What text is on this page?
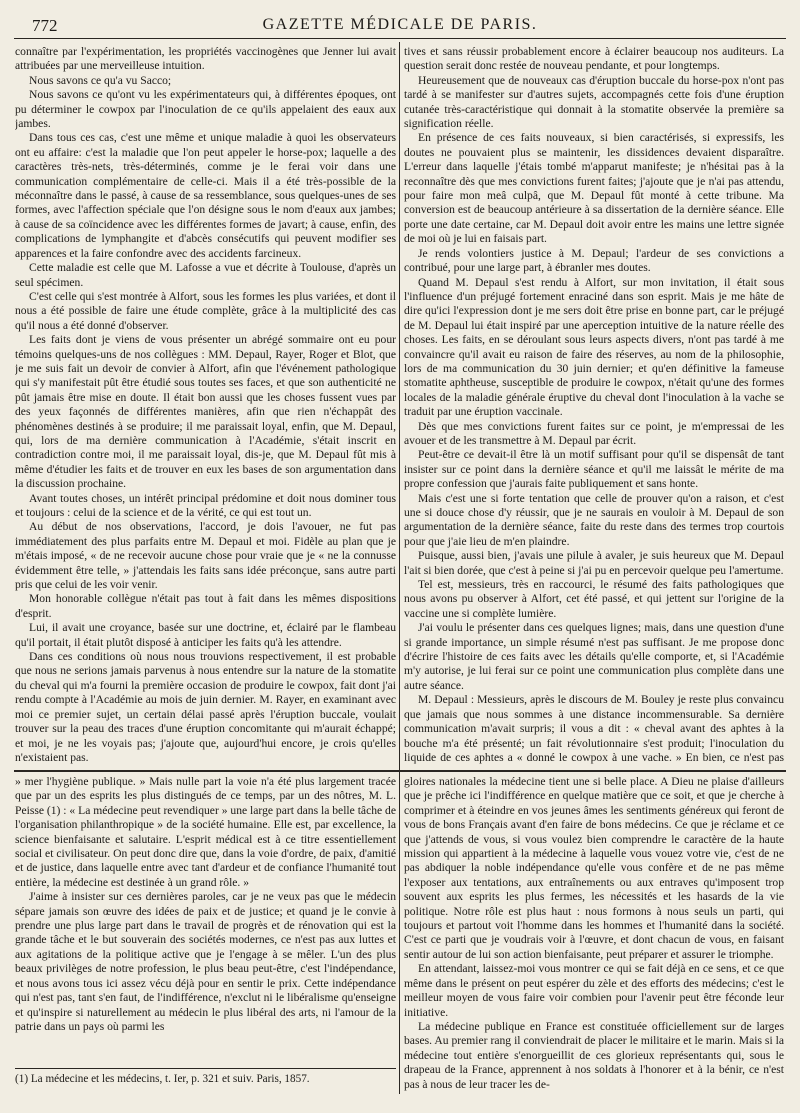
772	GAZETTE MÉDICALE DE PARIS.

connaître par l'expérimentation, les propriétés vaccinogènes que Jenner lui avait attribuées par une merveilleuse intuition.

Nous savons ce qu'a vu Sacco;

Nous savons ce qu'ont vu les expérimentateurs qui, à différentes époques, ont pu déterminer le cowpox par l'inoculation de ce qu'ils appelaient des eaux aux jambes.

Dans tous ces cas, c'est une même et unique maladie à quoi les observateurs ont eu affaire: c'est la maladie que l'on peut appeler le horse-pox; laquelle a des caractères très-nets, très-déterminés, comme je le ferai voir dans une communication complémentaire de celle-ci. Mais il a été très-possible de la méconnaître dans le passé, à cause de sa ressemblance, sous quelques-unes de ses formes, avec l'affection spéciale que l'on désigne sous le nom d'eaux aux jambes; à cause de sa coïncidence avec les différentes formes de javart; à cause, enfin, des complications de lymphangite et d'abcès consécutifs qui peuvent modifier ses apparences et la faire confondre avec des accidents farcineux.

Cette maladie est celle que M. Lafosse a vue et décrite à Toulouse, d'après un seul spécimen.

C'est celle qui s'est montrée à Alfort, sous les formes les plus variées, et dont il nous a été possible de faire une étude complète, grâce à la multiplicité des cas qu'il nous a été donné d'observer.

Les faits dont je viens de vous présenter un abrégé sommaire ont eu pour témoins quelques-uns de nos collègues : MM. Depaul, Rayer, Roger et Blot, que je me suis fait un devoir de convier à Alfort, afin que l'événement pathologique qui s'y manifestait pût être étudié sous toutes ses faces, et que son authenticité ne pût jamais être mise en doute. Il était bon aussi que les choses fussent vues par des yeux façonnés de différentes manières, afin que rien n'échappât des phénomènes destinés à se produire; il me paraissait loyal, enfin, que M. Depaul, qui, lors de ma dernière communication à l'Académie, s'était inscrit en contradiction contre moi, il me paraissait loyal, dis-je, que M. Depaul fût mis à même d'étudier les faits et de trouver en eux les bases de son argumentation dans la discussion prochaine.

Avant toutes choses, un intérêt principal prédomine et doit nous dominer tous et toujours : celui de la science et de la vérité, ce qui est tout un.

Au début de nos observations, l'accord, je dois l'avouer, ne fut pas immédiatement des plus parfaits entre M. Depaul et moi. Fidèle au plan que je m'étais imposé, « de ne recevoir aucune chose pour vraie que je « ne la connusse évidemment être telle, » j'attendais les faits sans idée préconçue, sans autre parti pris que celui de les voir venir.

Mon honorable collègue n'était pas tout à fait dans les mêmes dispositions d'esprit.

Lui, il avait une croyance, basée sur une doctrine, et, éclairé par le flambeau qu'il portait, il était plutôt disposé à anticiper les faits qu'à les attendre.

Dans ces conditions où nous nous trouvions respectivement, il est probable que nous ne serions jamais parvenus à nous entendre sur la nature de la stomatite du cheval qui m'a fourni la première occasion de produire le cowpox, fait dont j'ai rendu compte à l'Académie au mois de juin dernier. M. Rayer, en examinant avec moi ce premier sujet, un certain délai passé après l'éruption buccale, voulait trouver sur la peau des traces d'une éruption concomitante qui m'aurait échappé; et moi, je ne les voyais pas; j'ajoute que, aujourd'hui encore, je crois qu'elles n'existaient pas.

tives et sans réussir probablement encore à éclairer beaucoup nos auditeurs. La question serait donc restée de nouveau pendante, et pour longtemps.

Heureusement que de nouveaux cas d'éruption buccale du horse-pox n'ont pas tardé à se manifester sur d'autres sujets, accompagnés cette fois d'une éruption cutanée très-caractéristique qui donnait à la stomatite observée la première sa signification réelle.

En présence de ces faits nouveaux, si bien caractérisés, si expressifs, les doutes ne pouvaient plus se maintenir, les dissidences devaient disparaître. L'erreur dans laquelle j'étais tombé m'apparut manifeste; je n'hésitai pas à la reconnaître dès que mes convictions furent faites; j'ajoute que je n'ai pas attendu, pour faire mon meâ culpâ, que M. Depaul fût monté à cette tribune. Ma conversion est de beaucoup antérieure à sa dissertation de la dernière séance. Elle porte une date certaine, car M. Depaul doit avoir entre les mains une lettre signée de moi où je lui en faisais part.

Je rends volontiers justice à M. Depaul; l'ardeur de ses convictions a contribué, pour une large part, à ébranler mes doutes.

Quand M. Depaul s'est rendu à Alfort, sur mon invitation, il était sous l'influence d'un préjugé fortement enraciné dans son esprit. Mais je me hâte de dire qu'ici l'expression dont je me sers doit être prise en bonne part, car le préjugé de M. Depaul lui était inspiré par une aperception intuitive de la nature réelle des choses. Les faits, en se déroulant sous leurs aspects divers, n'ont pas tardé à me convaincre qu'il avait eu raison de faire des réserves, au nom de la philosophie, lors de ma communication du 30 juin dernier; et qu'en définitive la fameuse stomatite aphtheuse, susceptible de produire le cowpox, n'était qu'une des formes locales de la maladie générale éruptive du cheval dont l'inoculation à la vache se traduit par une éruption vaccinale.

Dès que mes convictions furent faites sur ce point, je m'empressai de les avouer et de les transmettre à M. Depaul par écrit.

Peut-être ce devait-il être là un motif suffisant pour qu'il se dispensât de tant insister sur ce point dans la dernière séance et qu'il me laissât le mérite de ma propre confession que j'aurais faite publiquement et sans honte.

Mais c'est une si forte tentation que celle de prouver qu'on a raison, et c'est une si douce chose d'y réussir, que je ne saurais en vouloir à M. Depaul de son argumentation de la dernière séance, faite du reste dans des termes trop courtois pour que j'aie lieu de m'en plaindre.

Puisque, aussi bien, j'avais une pilule à avaler, je suis heureux que M. Depaul l'ait si bien dorée, que c'est à peine si j'ai pu en percevoir quelque peu l'amertume.

Tel est, messieurs, très en raccourci, le résumé des faits pathologiques que nous avons pu observer à Alfort, cet été passé, et qui jettent sur l'origine de la vaccine une si complète lumière.

J'ai voulu le présenter dans ces quelques lignes; mais, dans une question d'une si grande importance, un simple résumé n'est pas suffisant. Je me propose donc d'écrire l'histoire de ces faits avec les détails qu'elle comporte, et, si l'Académie m'y autorise, je lui ferai sur ce point une communication plus complète dans une autre séance.

M. Depaul : Messieurs, après le discours de M. Bouley je reste plus convaincu que jamais que nous sommes à une distance incommensurable. Sa dernière communication m'avait surpris; il vous a dit : « cheval avant des aphtes à la bouche m'a été présenté; un fait révolutionnaire s'est produit; l'inoculation du liquide de ces aphtes a « donné le cowpox à une vache. » En bien, ce n'est pas

» mer l'hygiène publique. » Mais nulle part la voie n'a été plus largement tracée que par un des esprits les plus distingués de ce temps, par un des nôtres, M. L. Peisse (1) : « La médecine peut revendiquer » une large part dans la belle tâche de l'organisation philanthropique » de la société humaine. Elle est, par excellence, la science bienfaisante et salutaire. L'esprit médical est à ce titre essentiellement social et civilisateur. On peut donc dire que, dans la voie d'ordre, de paix, d'amitié et de justice, dans laquelle entre avec tant d'ardeur et de confiance l'humanité tout entière, la médecine est destinée à un grand rôle. »

J'aime à insister sur ces dernières paroles, car je ne veux pas que le médecin sépare jamais son œuvre des idées de paix et de justice; et quand je le convie à prendre une plus large part dans le travail de progrès et de rénovation qui est la grande tâche et le but souverain des sociétés modernes, ce n'est pas aux luttes et aux agitations de la politique active que je l'engage à se mêler. L'un des plus beaux privilèges de notre profession, le plus beau peut-être, c'est l'indépendance, et nous avons tous ici assez vécu déjà pour en sentir le prix. Cette indépendance qui n'est pas, tant s'en faut, de l'indifférence, n'exclut ni le libéralisme qu'enseigne et qu'inspire si naturellement au médecin le plus libéral des arts, ni l'amour de la patrie dans un pays où parmi les

(1) La médecine et les médecins, t. Ier, p. 321 et suiv. Paris, 1857.

gloires nationales la médecine tient une si belle place. A Dieu ne plaise d'ailleurs que je prêche ici l'indifférence en quelque matière que ce soit, et que je cherche à comprimer et à éteindre en vos jeunes âmes les sentiments généreux qui feront de vous de bons Français avant d'en faire de bons médecins. Ce que je réclame et ce que j'attends de vous, si vous voulez bien comprendre le caractère de la haute mission qui appartient à la médecine à laquelle vous vouez votre vie, c'est de ne pas abdiquer la noble indépendance qu'elle vous confère et de ne pas même l'exposer aux tentations, aux entraînements ou aux entraves qu'imposent trop souvent aux esprits les plus fermes, les nécessités et les hasards de la vie politique. Notre rôle est plus haut : nous formons à nous seuls un parti, qui toujours et partout voit l'homme dans les hommes et l'humanité dans la société. C'est ce parti que je voudrais voir à l'œuvre, et dont chacun de vous, en faisant sentir autour de lui son action bienfaisante, peut préparer et assurer le triomphe.

En attendant, laissez-moi vous montrer ce qui se fait déjà en ce sens, et ce que même dans le présent on peut espérer du zèle et des efforts des médecins; c'est le meilleur moyen de vous faire voir combien pour l'avenir peut être féconde leur initiative.

La médecine publique en France est constituée officiellement sur de larges bases. Au premier rang il conviendrait de placer le militaire et le marin. Mais si la médecine tout entière s'enorgueillit de ces glorieux représentants qui, sous le drapeau de la France, apprennent à nos soldats à l'honorer et à la bénir, ce n'est pas à nous de leur tracer les de-
